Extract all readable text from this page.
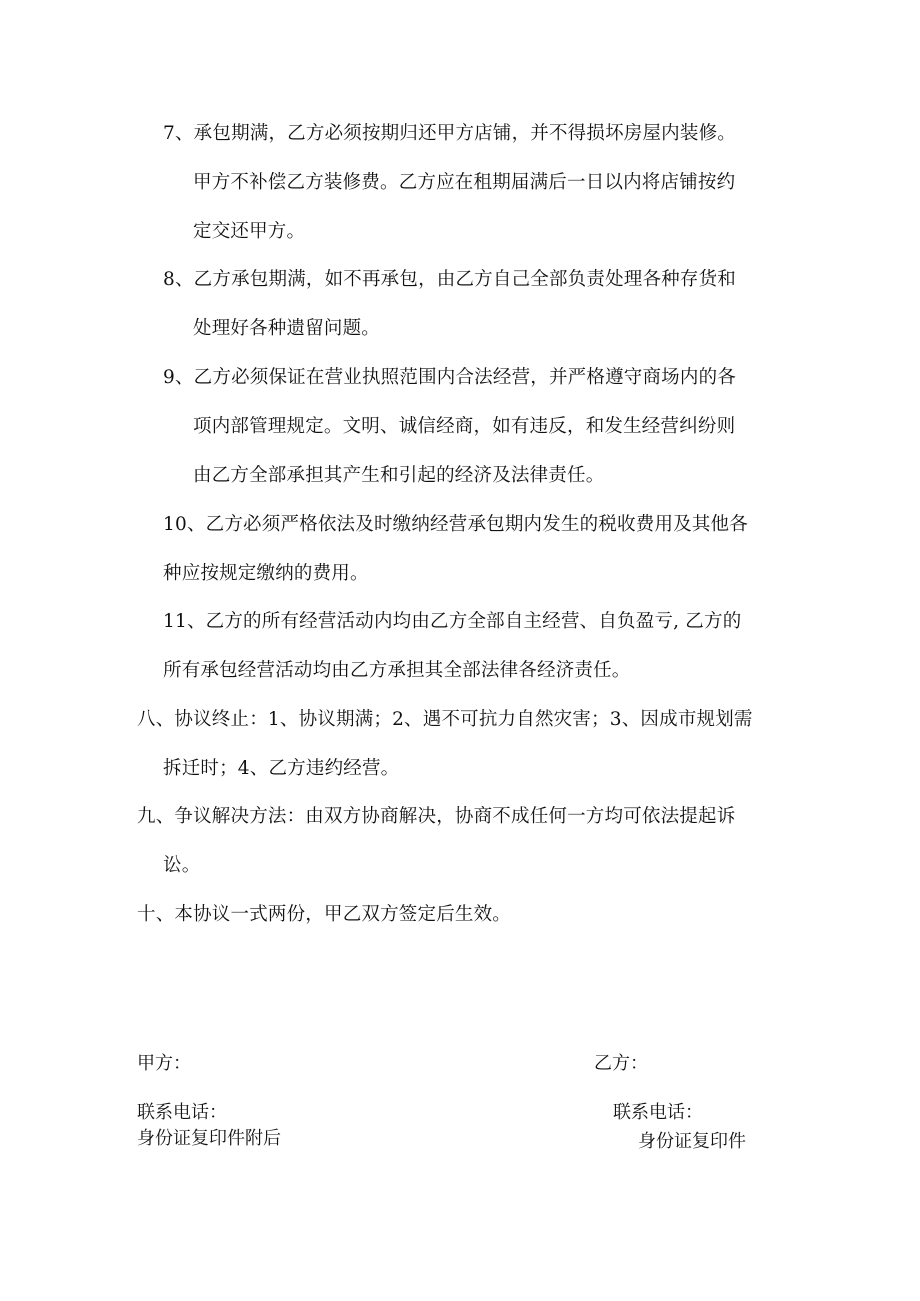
7、承包期满，乙方必须按期归还甲方店铺，并不得损坏房屋内装修。
甲方不补偿乙方装修费。乙方应在租期届满后一日以内将店铺按约
定交还甲方。
8、乙方承包期满，如不再承包，由乙方自己全部负责处理各种存货和
处理好各种遗留问题。
9、乙方必须保证在营业执照范围内合法经营，并严格遵守商场内的各
项内部管理规定。文明、诚信经商，如有违反，和发生经营纠纷则
由乙方全部承担其产生和引起的经济及法律责任。
10、乙方必须严格依法及时缴纳经营承包期内发生的税收费用及其他各
种应按规定缴纳的费用。
11、乙方的所有经营活动内均由乙方全部自主经营、自负盈亏, 乙方的
所有承包经营活动均由乙方承担其全部法律各经济责任。
八、协议终止：1、协议期满；2、遇不可抗力自然灾害；3、因成市规划需
拆迁时；4、乙方违约经营。
九、争议解决方法：由双方协商解决，协商不成任何一方均可依法提起诉
讼。
十、本协议一式两份，甲乙双方签定后生效。
甲方：
联系电话：
身份证复印件附后
乙方：
联系电话：
身份证复印件
